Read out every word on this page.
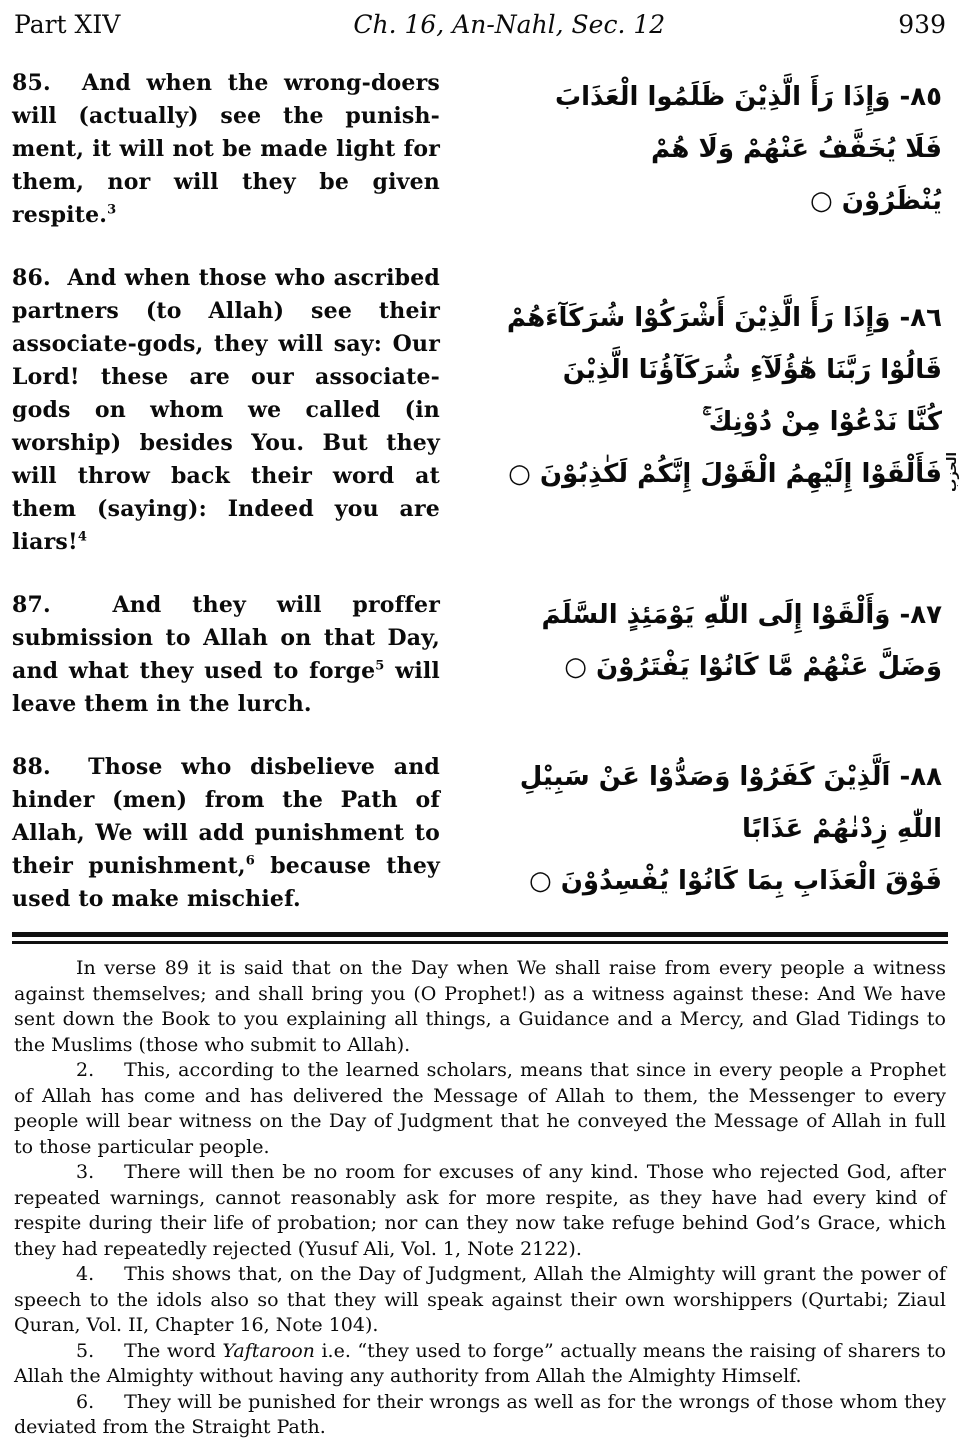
Part XIV	Ch. 16, An-Nahl, Sec. 12	939
85.  And when the wrong-doers will (actually) see the punish-ment, it will not be made light for them, nor will they be given respite.$^3$
٨٥- وَإِذَا رَأَ الَّذِيْنَ ظَلَمُوا الْعَذَابَ
فَلَا يُخَفَّفُ عَنْهُمْ وَلَا هُمْ
يُنْظَرُوْنَ ○
86.  And when those who ascribed partners (to Allah) see their associate-gods, they will say: Our Lord! these are our associate-gods on whom we called (in worship) besides You. But they will throw back their word at them (saying): Indeed you are liars!$^4$
٨٦- وَإِذَا رَأَ الَّذِيْنَ أَشْرَكُوْا شُرَكَآءَهُمْ
قَالُوْا رَبَّنَا هٰٓؤُلَآءِ شُرَكَآؤُنَا الَّذِيْنَ
كُنَّا نَدْعُوْا مِنْ دُوْنِكَ ۚ
فَأَلْقَوْا إِلَيْهِمُ الْقَوْلَ إِنَّكُمْ لَكٰذِبُوْنَ ○
87.  And they will proffer submission to Allah on that Day, and what they used to forge$^5$ will leave them in the lurch.
٨٧- وَأَلْقَوْا إِلَى اللّٰهِ يَوْمَئِذٍ السَّلَمَ
وَضَلَّ عَنْهُمْ مَّا كَانُوْا يَفْتَرُوْنَ ○
88.  Those who disbelieve and hinder (men) from the Path of Allah, We will add punishment to their punishment,$^6$ because they used to make mischief.
٨٨- اَلَّذِيْنَ كَفَرُوْا وَصَدُّوْا عَنْ سَبِيْلِ
اللّٰهِ زِدْنٰهُمْ عَذَابًا
فَوْقَ الْعَذَابِ بِمَا كَانُوْا يُفْسِدُوْنَ ○
الحزب

In verse 89 it is said that on the Day when We shall raise from every people a witness against themselves; and shall bring you (O Prophet!) as a witness against these: And We have sent down the Book to you explaining all things, a Guidance and a Mercy, and Glad Tidings to the Muslims (those who submit to Allah).

2. This, according to the learned scholars, means that since in every people a Prophet of Allah has come and has delivered the Message of Allah to them, the Messenger to every people will bear witness on the Day of Judgment that he conveyed the Message of Allah in full to those particular people.

3. There will then be no room for excuses of any kind. Those who rejected God, after repeated warnings, cannot reasonably ask for more respite, as they have had every kind of respite during their life of probation; nor can they now take refuge behind God’s Grace, which they had repeatedly rejected (Yusuf Ali, Vol. 1, Note 2122).

4. This shows that, on the Day of Judgment, Allah the Almighty will grant the power of speech to the idols also so that they will speak against their own worshippers (Qurtabi; Ziaul Quran, Vol. II, Chapter 16, Note 104).

5. The word Yaftaroon i.e. “they used to forge” actually means the raising of sharers to Allah the Almighty without having any authority from Allah the Almighty Himself.

6. They will be punished for their wrongs as well as for the wrongs of those whom they deviated from the Straight Path.
